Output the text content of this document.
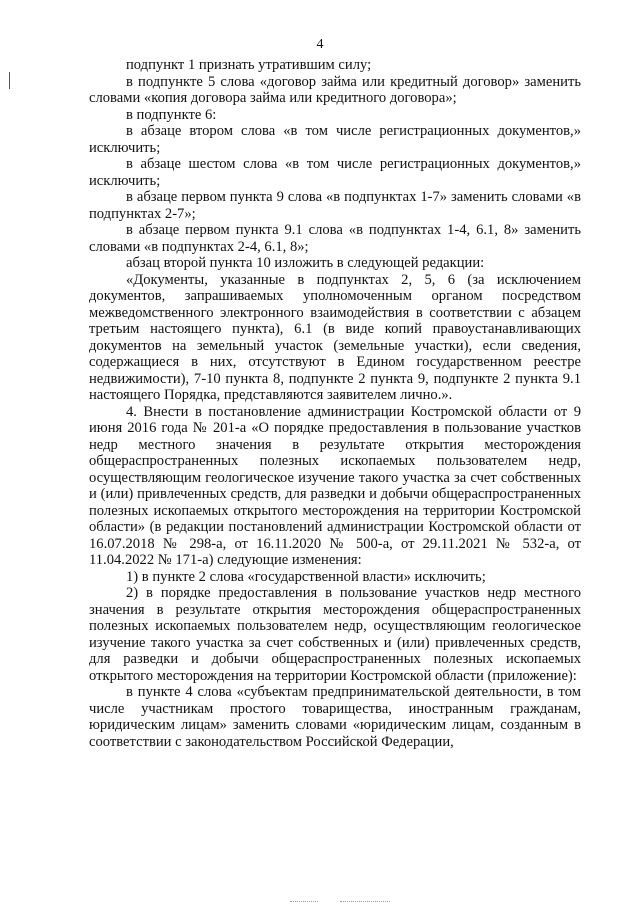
4

подпункт 1 признать утратившим силу;

в подпункте 5 слова «договор займа или кредитный договор» заменить словами «копия договора займа или кредитного договора»;

в подпункте 6:

в абзаце втором слова «в том числе регистрационных документов,» исключить;

в абзаце шестом слова «в том числе регистрационных документов,» исключить;

в абзаце первом пункта 9 слова «в подпунктах 1-7» заменить словами «в подпунктах 2-7»;

в абзаце первом пункта 9.1 слова «в подпунктах 1-4, 6.1, 8» заменить словами «в подпунктах 2-4, 6.1, 8»;

абзац второй пункта 10 изложить в следующей редакции:

«Документы, указанные в подпунктах 2, 5, 6 (за исключением документов, запрашиваемых уполномоченным органом посредством межведомственного электронного взаимодействия в соответствии с абзацем третьим настоящего пункта), 6.1 (в виде копий правоустанавливающих документов на земельный участок (земельные участки), если сведения, содержащиеся в них, отсутствуют в Едином государственном реестре недвижимости), 7-10 пункта 8, подпункте 2 пункта 9, подпункте 2 пункта 9.1 настоящего Порядка, представляются заявителем лично.».

4. Внести в постановление администрации Костромской области от 9 июня 2016 года № 201-а «О порядке предоставления в пользование участков недр местного значения в результате открытия месторождения общераспространенных полезных ископаемых пользователем недр, осуществляющим геологическое изучение такого участка за счет собственных и (или) привлеченных средств, для разведки и добычи общераспространенных полезных ископаемых открытого месторождения на территории Костромской области» (в редакции постановлений администрации Костромской области от 16.07.2018 № 298-а, от 16.11.2020 № 500-а, от 29.11.2021 № 532-а, от 11.04.2022 № 171-а) следующие изменения:

1) в пункте 2 слова «государственной власти» исключить;

2) в порядке предоставления в пользование участков недр местного значения в результате открытия месторождения общераспространенных полезных ископаемых пользователем недр, осуществляющим геологическое изучение такого участка за счет собственных и (или) привлеченных средств, для разведки и добычи общераспространенных полезных ископаемых открытого месторождения на территории Костромской области (приложение):

в пункте 4 слова «субъектам предпринимательской деятельности, в том числе участникам простого товарищества, иностранным гражданам, юридическим лицам» заменить словами «юридическим лицам, созданным в соответствии с законодательством Российской Федерации,
